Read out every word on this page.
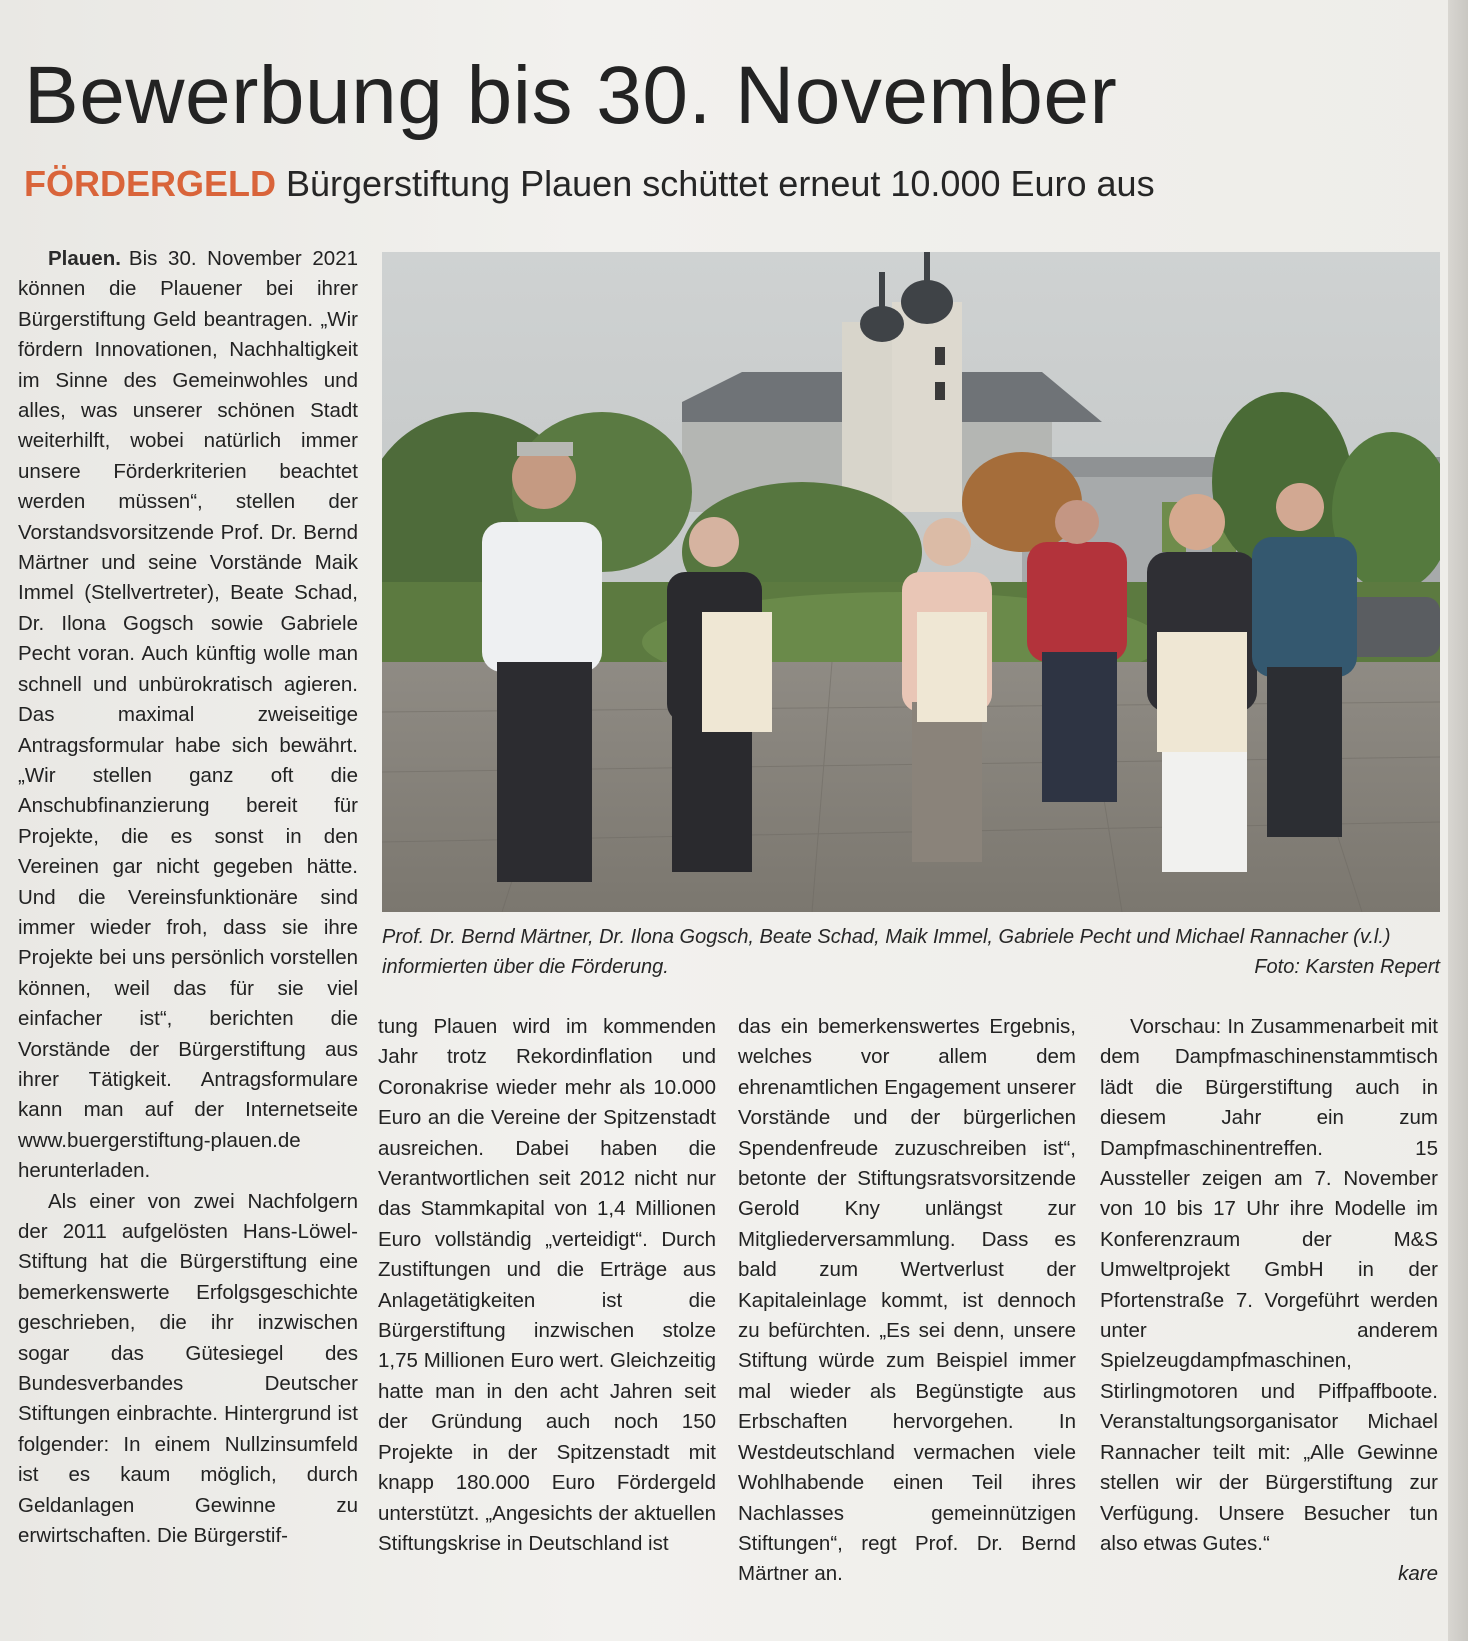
Bewerbung bis 30. November
FÖRDERGELD Bürgerstiftung Plauen schüttet erneut 10.000 Euro aus

Plauen. Bis 30. November 2021 können die Plauener bei ihrer Bürgerstiftung Geld beantragen. „Wir fördern Innovationen, Nachhaltigkeit im Sinne des Gemeinwohles und alles, was unserer schönen Stadt weiterhilft, wobei natürlich immer unsere Förderkriterien beachtet werden müssen“, stellen der Vorstandsvorsitzende Prof. Dr. Bernd Märtner und seine Vorstände Maik Immel (Stellvertreter), Beate Schad, Dr. Ilona Gogsch sowie Gabriele Pecht voran. Auch künftig wolle man schnell und unbürokratisch agieren. Das maximal zweiseitige Antragsformular habe sich bewährt. „Wir stellen ganz oft die Anschubfinanzierung bereit für Projekte, die es sonst in den Vereinen gar nicht gegeben hätte. Und die Vereinsfunktionäre sind immer wieder froh, dass sie ihre Projekte bei uns persönlich vorstellen können, weil das für sie viel einfacher ist“, berichten die Vorstände der Bürgerstiftung aus ihrer Tätigkeit. Antragsformulare kann man auf der Internetseite www.buergerstiftung-plauen.de herunterladen.

Als einer von zwei Nachfolgern der 2011 aufgelösten Hans-Löwel-Stiftung hat die Bürgerstiftung eine bemerkenswerte Erfolgsgeschichte geschrieben, die ihr inzwischen sogar das Gütesiegel des Bundesverbandes Deutscher Stiftungen einbrachte. Hintergrund ist folgender: In einem Nullzinsumfeld ist es kaum möglich, durch Geldanlagen Gewinne zu erwirtschaften. Die Bürgerstif-

Prof. Dr. Bernd Märtner, Dr. Ilona Gogsch, Beate Schad, Maik Immel, Gabriele Pecht und Michael Rannacher (v.l.) informierten über die Förderung.	Foto: Karsten Repert

tung Plauen wird im kommenden Jahr trotz Rekordinflation und Coronakrise wieder mehr als 10.000 Euro an die Vereine der Spitzenstadt ausreichen. Dabei haben die Verantwortlichen seit 2012 nicht nur das Stammkapital von 1,4 Millionen Euro vollständig „verteidigt“. Durch Zustiftungen und die Erträge aus Anlagetätigkeiten ist die Bürgerstiftung inzwischen stolze 1,75 Millionen Euro wert. Gleichzeitig hatte man in den acht Jahren seit der Gründung auch noch 150 Projekte in der Spitzenstadt mit knapp 180.000 Euro Fördergeld unterstützt. „Angesichts der aktuellen Stiftungskrise in Deutschland ist

das ein bemerkenswertes Ergebnis, welches vor allem dem ehrenamtlichen Engagement unserer Vorstände und der bürgerlichen Spendenfreude zuzuschreiben ist“, betonte der Stiftungsratsvorsitzende Gerold Kny unlängst zur Mitgliederversammlung. Dass es bald zum Wertverlust der Kapitaleinlage kommt, ist dennoch zu befürchten. „Es sei denn, unsere Stiftung würde zum Beispiel immer mal wieder als Begünstigte aus Erbschaften hervorgehen. In Westdeutschland vermachen viele Wohlhabende einen Teil ihres Nachlasses gemeinnützigen Stiftungen“, regt Prof. Dr. Bernd Märtner an.

Vorschau: In Zusammenarbeit mit dem Dampfmaschinenstammtisch lädt die Bürgerstiftung auch in diesem Jahr ein zum Dampfmaschinentreffen. 15 Aussteller zeigen am 7. November von 10 bis 17 Uhr ihre Modelle im Konferenzraum der M&S Umweltprojekt GmbH in der Pfortenstraße 7. Vorgeführt werden unter anderem Spielzeugdampfmaschinen, Stirlingmotoren und Piffpaffboote. Veranstaltungsorganisator Michael Rannacher teilt mit: „Alle Gewinne stellen wir der Bürgerstiftung zur Verfügung. Unsere Besucher tun also etwas Gutes.“

kare
